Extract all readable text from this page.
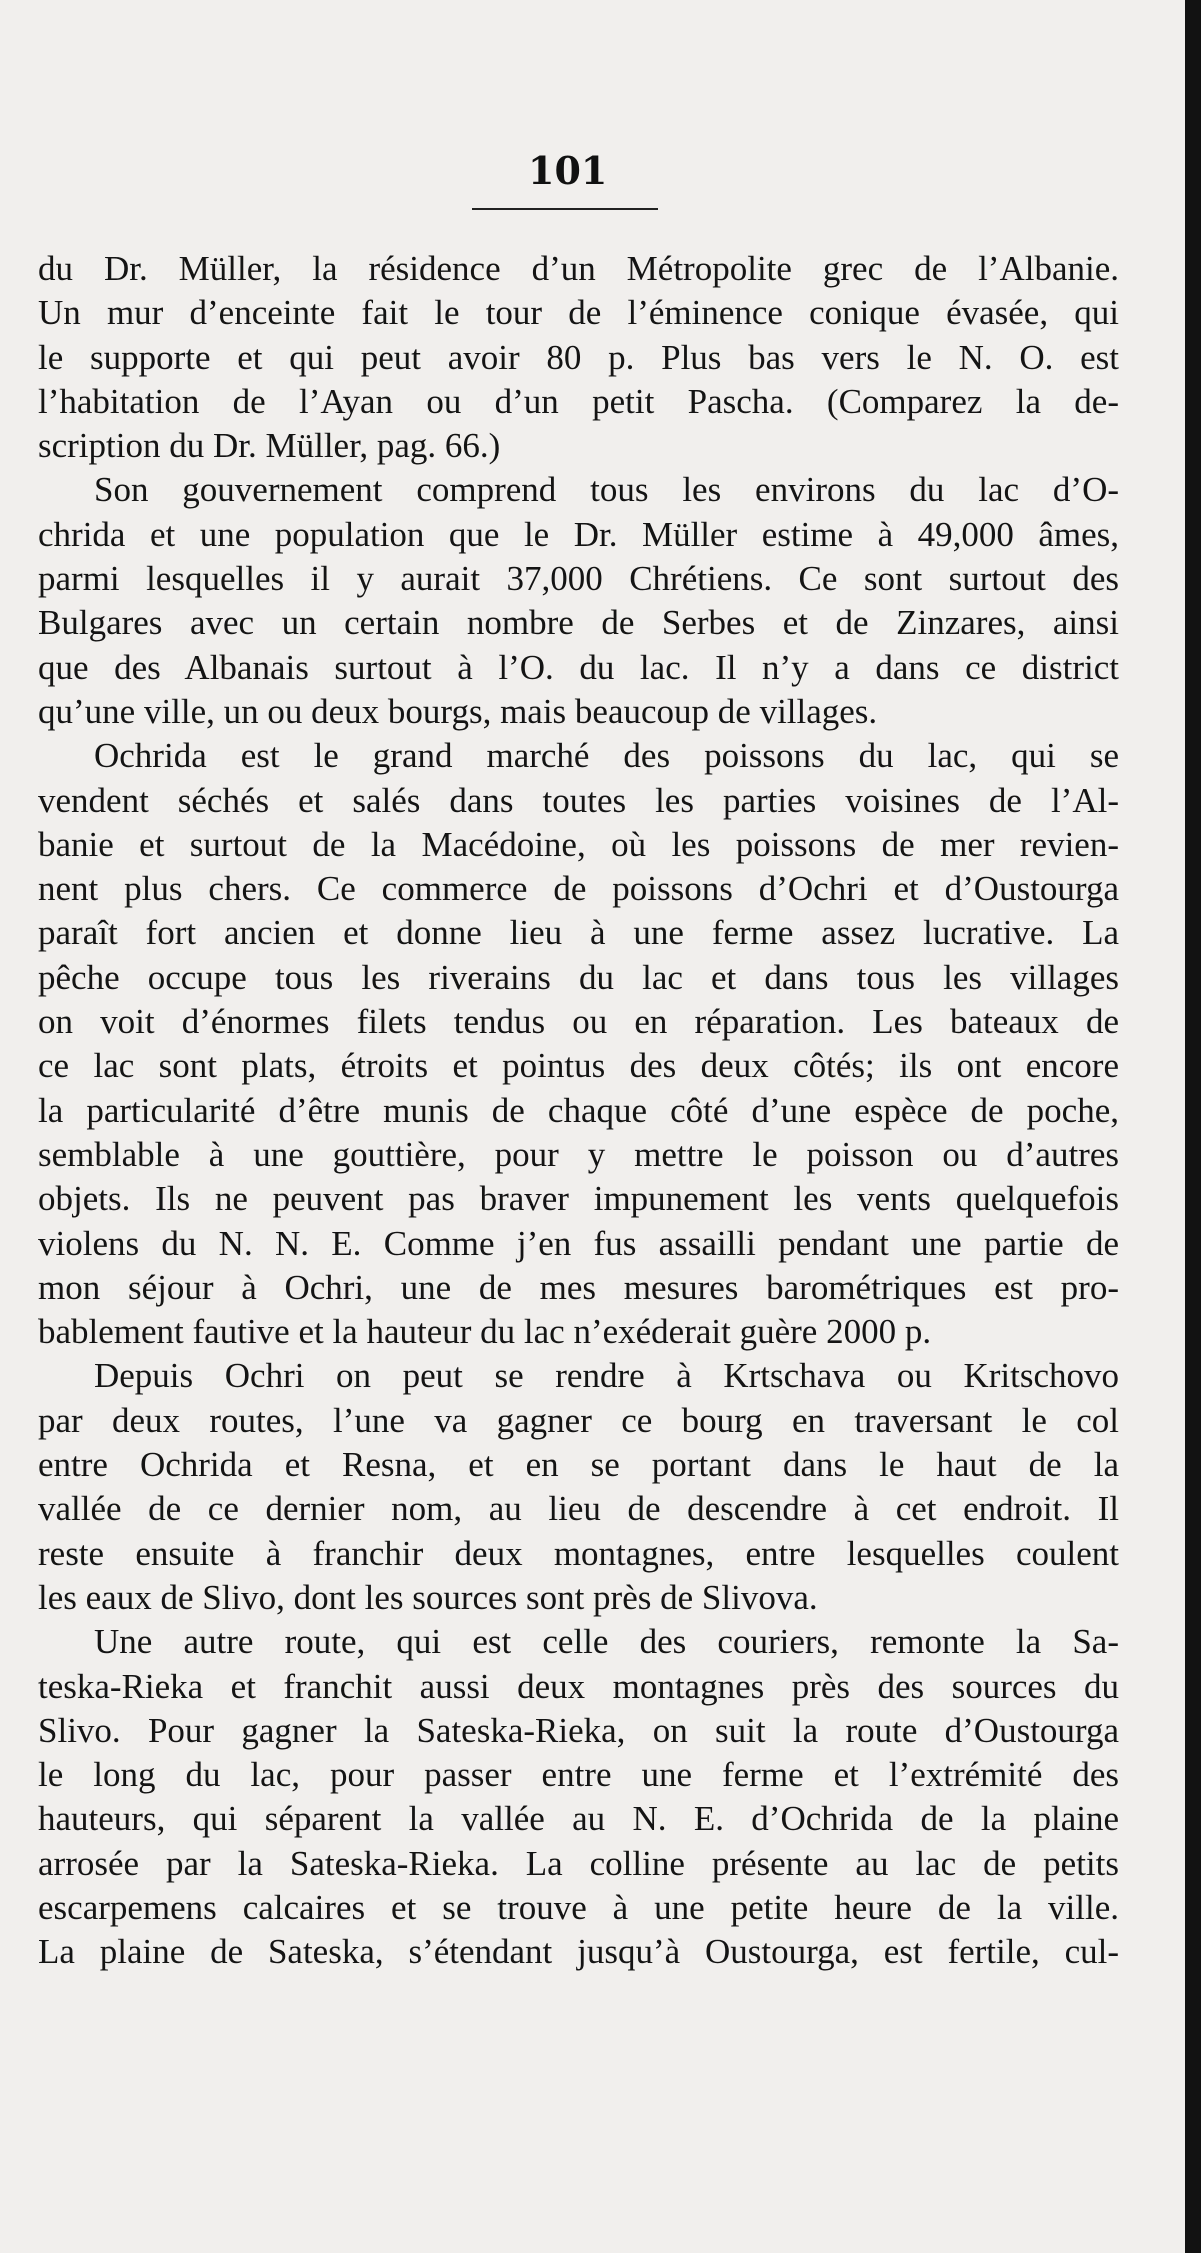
101
du Dr. Müller, la résidence d’un Métropolite grec de l’Albanie.
Un mur d’enceinte fait le tour de l’éminence conique évasée, qui
le supporte et qui peut avoir 80 p. Plus bas vers le N. O. est
l’habitation de l’Ayan ou d’un petit Pascha. (Comparez la de-
scription du Dr. Müller, pag. 66.)
Son gouvernement comprend tous les environs du lac d’O-
chrida et une population que le Dr. Müller estime à 49,000 âmes,
parmi lesquelles il y aurait 37,000 Chrétiens. Ce sont surtout des
Bulgares avec un certain nombre de Serbes et de Zinzares, ainsi
que des Albanais surtout à l’O. du lac. Il n’y a dans ce district
qu’une ville, un ou deux bourgs, mais beaucoup de villages.
Ochrida est le grand marché des poissons du lac, qui se
vendent séchés et salés dans toutes les parties voisines de l’Al-
banie et surtout de la Macédoine, où les poissons de mer revien-
nent plus chers. Ce commerce de poissons d’Ochri et d’Oustourga
paraît fort ancien et donne lieu à une ferme assez lucrative. La
pêche occupe tous les riverains du lac et dans tous les villages
on voit d’énormes filets tendus ou en réparation. Les bateaux de
ce lac sont plats, étroits et pointus des deux côtés; ils ont encore
la particularité d’être munis de chaque côté d’une espèce de poche,
semblable à une gouttière, pour y mettre le poisson ou d’autres
objets. Ils ne peuvent pas braver impunement les vents quelquefois
violens du N. N. E. Comme j’en fus assailli pendant une partie de
mon séjour à Ochri, une de mes mesures barométriques est pro-
bablement fautive et la hauteur du lac n’exéderait guère 2000 p.
Depuis Ochri on peut se rendre à Krtschava ou Kritschovo
par deux routes, l’une va gagner ce bourg en traversant le col
entre Ochrida et Resna, et en se portant dans le haut de la
vallée de ce dernier nom, au lieu de descendre à cet endroit. Il
reste ensuite à franchir deux montagnes, entre lesquelles coulent
les eaux de Slivo, dont les sources sont près de Slivova.
Une autre route, qui est celle des couriers, remonte la Sa-
teska-Rieka et franchit aussi deux montagnes près des sources du
Slivo. Pour gagner la Sateska-Rieka, on suit la route d’Oustourga
le long du lac, pour passer entre une ferme et l’extrémité des
hauteurs, qui séparent la vallée au N. E. d’Ochrida de la plaine
arrosée par la Sateska-Rieka. La colline présente au lac de petits
escarpemens calcaires et se trouve à une petite heure de la ville.
La plaine de Sateska, s’étendant jusqu’à Oustourga, est fertile, cul-
